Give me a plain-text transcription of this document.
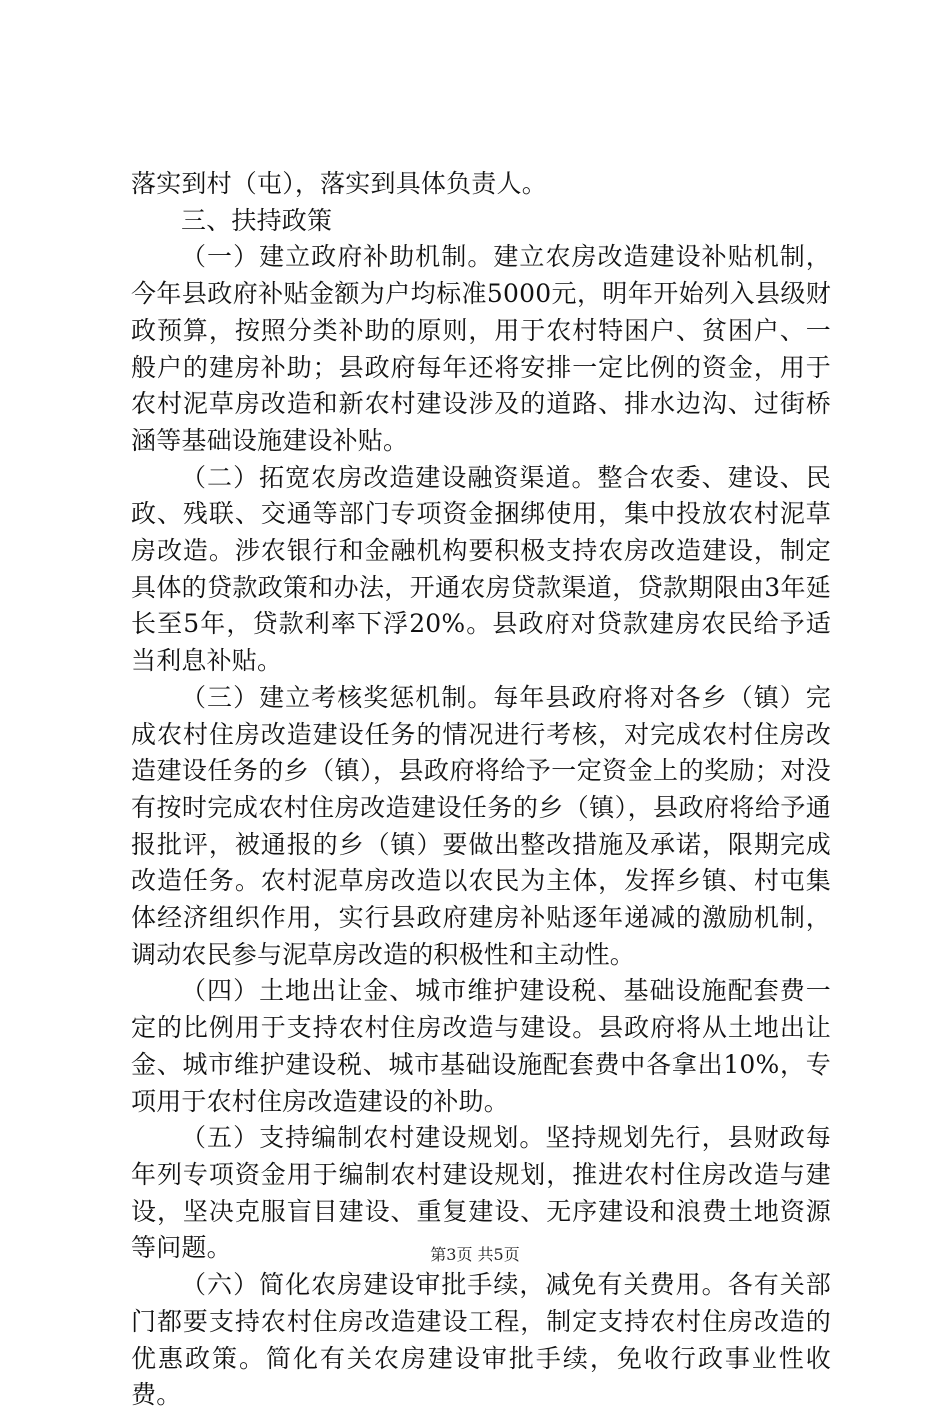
落实到村（屯），落实到具体负责人。

三、扶持政策

（一）建立政府补助机制。建立农房改造建设补贴机制，今年县政府补贴金额为户均标准5000元，明年开始列入县级财政预算，按照分类补助的原则，用于农村特困户、贫困户、一般户的建房补助；县政府每年还将安排一定比例的资金，用于农村泥草房改造和新农村建设涉及的道路、排水边沟、过街桥涵等基础设施建设补贴。

（二）拓宽农房改造建设融资渠道。整合农委、建设、民政、残联、交通等部门专项资金捆绑使用，集中投放农村泥草房改造。涉农银行和金融机构要积极支持农房改造建设，制定具体的贷款政策和办法，开通农房贷款渠道，贷款期限由3年延长至5年，贷款利率下浮20%。县政府对贷款建房农民给予适当利息补贴。

（三）建立考核奖惩机制。每年县政府将对各乡（镇）完成农村住房改造建设任务的情况进行考核，对完成农村住房改造建设任务的乡（镇），县政府将给予一定资金上的奖励；对没有按时完成农村住房改造建设任务的乡（镇），县政府将给予通报批评，被通报的乡（镇）要做出整改措施及承诺，限期完成改造任务。农村泥草房改造以农民为主体，发挥乡镇、村屯集体经济组织作用，实行县政府建房补贴逐年递减的激励机制，调动农民参与泥草房改造的积极性和主动性。

（四）土地出让金、城市维护建设税、基础设施配套费一定的比例用于支持农村住房改造与建设。县政府将从土地出让金、城市维护建设税、城市基础设施配套费中各拿出10%，专项用于农村住房改造建设的补助。

（五）支持编制农村建设规划。坚持规划先行，县财政每年列专项资金用于编制农村建设规划，推进农村住房改造与建设，坚决克服盲目建设、重复建设、无序建设和浪费土地资源等问题。

（六）简化农房建设审批手续，减免有关费用。各有关部门都要支持农村住房改造建设工程，制定支持农村住房改造的优惠政策。简化有关农房建设审批手续，免收行政事业性收费。

第3页 共5页
